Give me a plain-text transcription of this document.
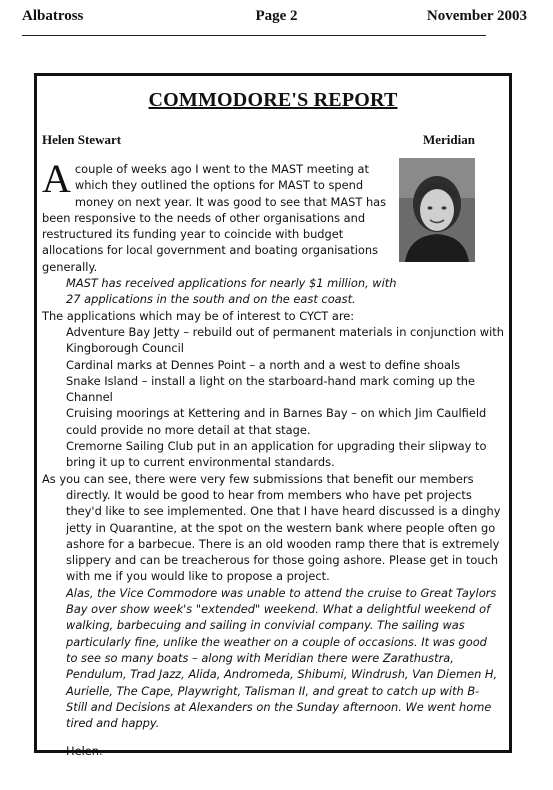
Albatross	Page 2	November 2003
COMMODORE'S REPORT
Helen Stewart	Meridian

Acouple of weeks ago I went to the MAST meeting at which they outlined the options for MAST to spend money on next year. It was good to see that MAST has been responsive to the needs of other organisations and restructured its funding year to coincide with budget allocations for local government and boating organisations generally.

MAST has received applications for nearly $1 million, with 27 applications in the south and on the east coast.

The applications which may be of interest to CYCT are:

Adventure Bay Jetty – rebuild out of permanent materials in conjunction with Kingborough Council

Cardinal marks at Dennes Point – a north and a west to define shoals

Snake Island – install a light on the starboard-hand mark coming up the Channel

Cruising moorings at Kettering and in Barnes Bay – on which Jim Caulfield could provide no more detail at that stage.

Cremorne Sailing Club put in an application for upgrading their slipway to bring it up to current environmental standards.

As you can see, there were very few submissions that benefit our members directly. It would be good to hear from members who have pet projects they'd like to see implemented. One that I have heard discussed is a dinghy jetty in Quarantine, at the spot on the western bank where people often go ashore for a barbecue. There is an old wooden ramp there that is extremely slippery and can be treacherous for those going ashore. Please get in touch with me if you would like to propose a project.

Alas, the Vice Commodore was unable to attend the cruise to Great Taylors Bay over show week's "extended" weekend. What a delightful weekend of walking, barbecuing and sailing in convivial company. The sailing was particularly fine, unlike the weather on a couple of occasions. It was good to see so many boats – along with Meridian there were Zarathustra, Pendulum, Trad Jazz, Alida, Andromeda, Shibumi, Windrush, Van Diemen H, Aurielle, The Cape, Playwright, Talisman II, and great to catch up with B-Still and Decisions at Alexanders on the Sunday afternoon. We went home tired and happy.

Helen.
